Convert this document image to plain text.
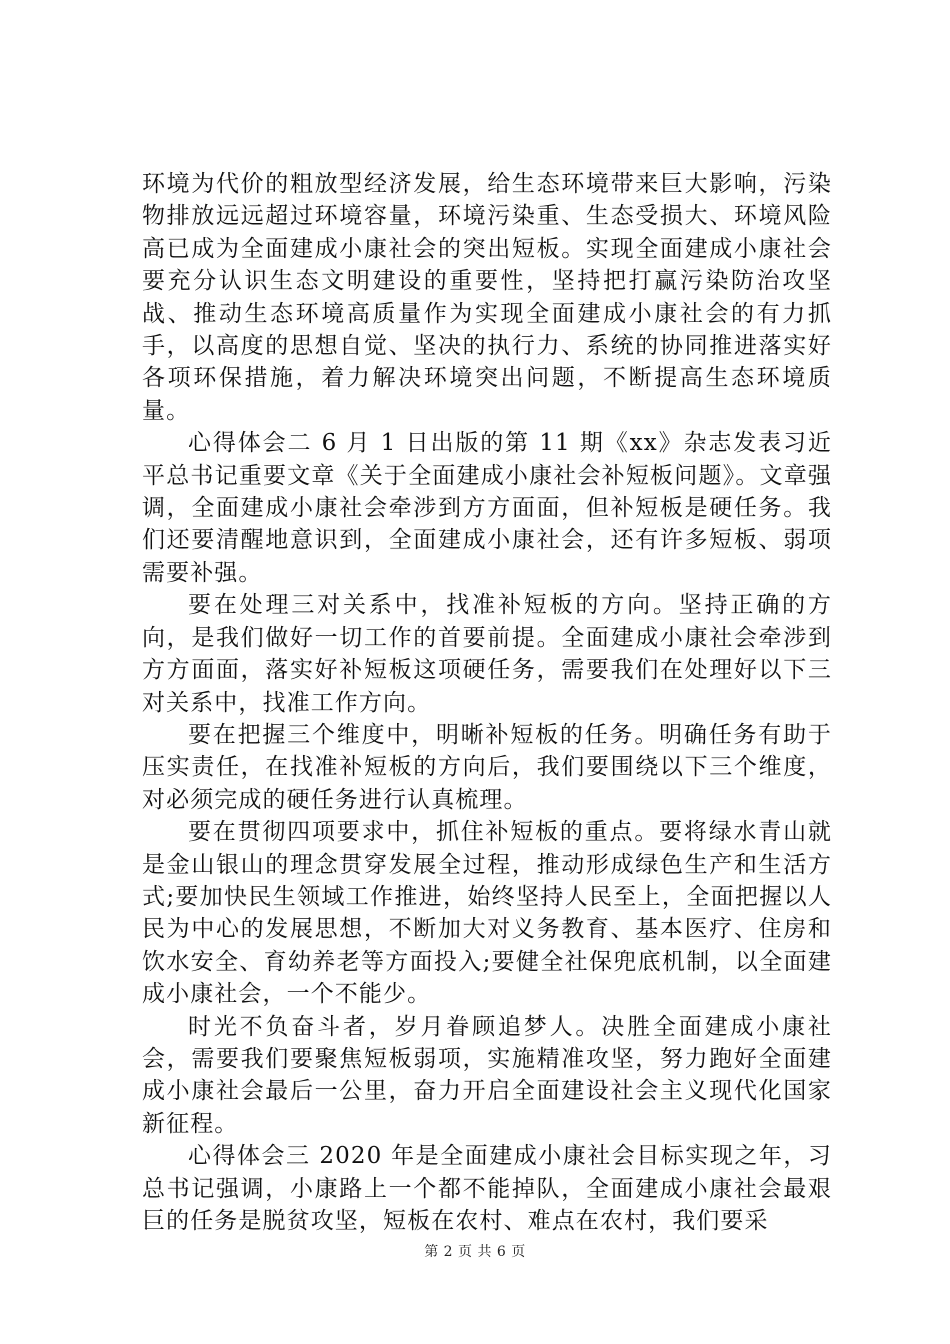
环境为代价的粗放型经济发展，给生态环境带来巨大影响，污染物排放远远超过环境容量，环境污染重、生态受损大、环境风险高已成为全面建成小康社会的突出短板。实现全面建成小康社会要充分认识生态文明建设的重要性，坚持把打赢污染防治攻坚战、推动生态环境高质量作为实现全面建成小康社会的有力抓手，以高度的思想自觉、坚决的执行力、系统的协同推进落实好各项环保措施，着力解决环境突出问题，不断提高生态环境质量。

心得体会二 6 月 1 日出版的第 11 期《xx》杂志发表习近平总书记重要文章《关于全面建成小康社会补短板问题》。文章强调，全面建成小康社会牵涉到方方面面，但补短板是硬任务。我们还要清醒地意识到，全面建成小康社会，还有许多短板、弱项需要补强。

要在处理三对关系中，找准补短板的方向。坚持正确的方向，是我们做好一切工作的首要前提。全面建成小康社会牵涉到方方面面，落实好补短板这项硬任务，需要我们在处理好以下三对关系中，找准工作方向。

要在把握三个维度中，明晰补短板的任务。明确任务有助于压实责任，在找准补短板的方向后，我们要围绕以下三个维度，对必须完成的硬任务进行认真梳理。

要在贯彻四项要求中，抓住补短板的重点。要将绿水青山就是金山银山的理念贯穿发展全过程，推动形成绿色生产和生活方式;要加快民生领域工作推进，始终坚持人民至上，全面把握以人民为中心的发展思想，不断加大对义务教育、基本医疗、住房和饮水安全、育幼养老等方面投入;要健全社保兜底机制，以全面建成小康社会，一个不能少。

时光不负奋斗者，岁月眷顾追梦人。决胜全面建成小康社会，需要我们要聚焦短板弱项，实施精准攻坚，努力跑好全面建成小康社会最后一公里，奋力开启全面建设社会主义现代化国家新征程。

心得体会三 2020 年是全面建成小康社会目标实现之年，习总书记强调，小康路上一个都不能掉队，全面建成小康社会最艰巨的任务是脱贫攻坚，短板在农村、难点在农村，我们要采

第 2 页 共 6 页
